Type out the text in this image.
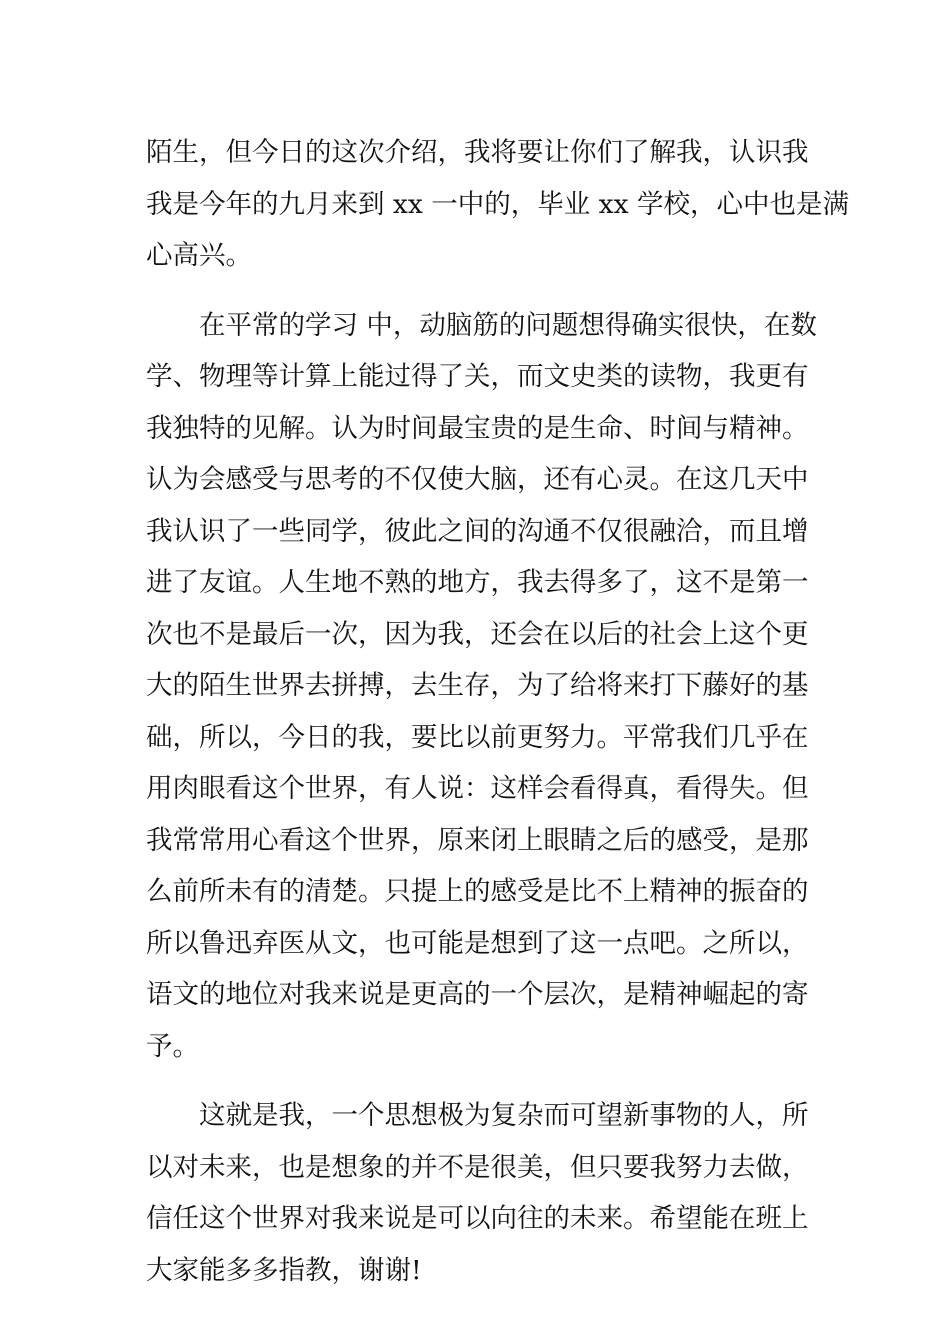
陌生，但今日的这次介绍，我将要让你们了解我，认识我
我是今年的九月来到 xx 一中的，毕业 xx 学校，心中也是满
心高兴。
在平常的学习 中，动脑筋的问题想得确实很快，在数
学、物理等计算上能过得了关，而文史类的读物，我更有
我独特的见解。认为时间最宝贵的是生命、时间与精神。
认为会感受与思考的不仅使大脑，还有心灵。在这几天中
我认识了一些同学，彼此之间的沟通不仅很融洽，而且增
进了友谊。人生地不熟的地方，我去得多了，这不是第一
次也不是最后一次，因为我，还会在以后的社会上这个更
大的陌生世界去拼搏，去生存，为了给将来打下藤好的基
础，所以，今日的我，要比以前更努力。平常我们几乎在
用肉眼看这个世界，有人说：这样会看得真，看得失。但
我常常用心看这个世界，原来闭上眼睛之后的感受，是那
么前所未有的清楚。只提上的感受是比不上精神的振奋的
所以鲁迅弃医从文，也可能是想到了这一点吧。之所以，
语文的地位对我来说是更高的一个层次，是精神崛起的寄
予。
这就是我，一个思想极为复杂而可望新事物的人，所
以对未来，也是想象的并不是很美，但只要我努力去做，
信任这个世界对我来说是可以向往的未来。希望能在班上
大家能多多指教，谢谢!
